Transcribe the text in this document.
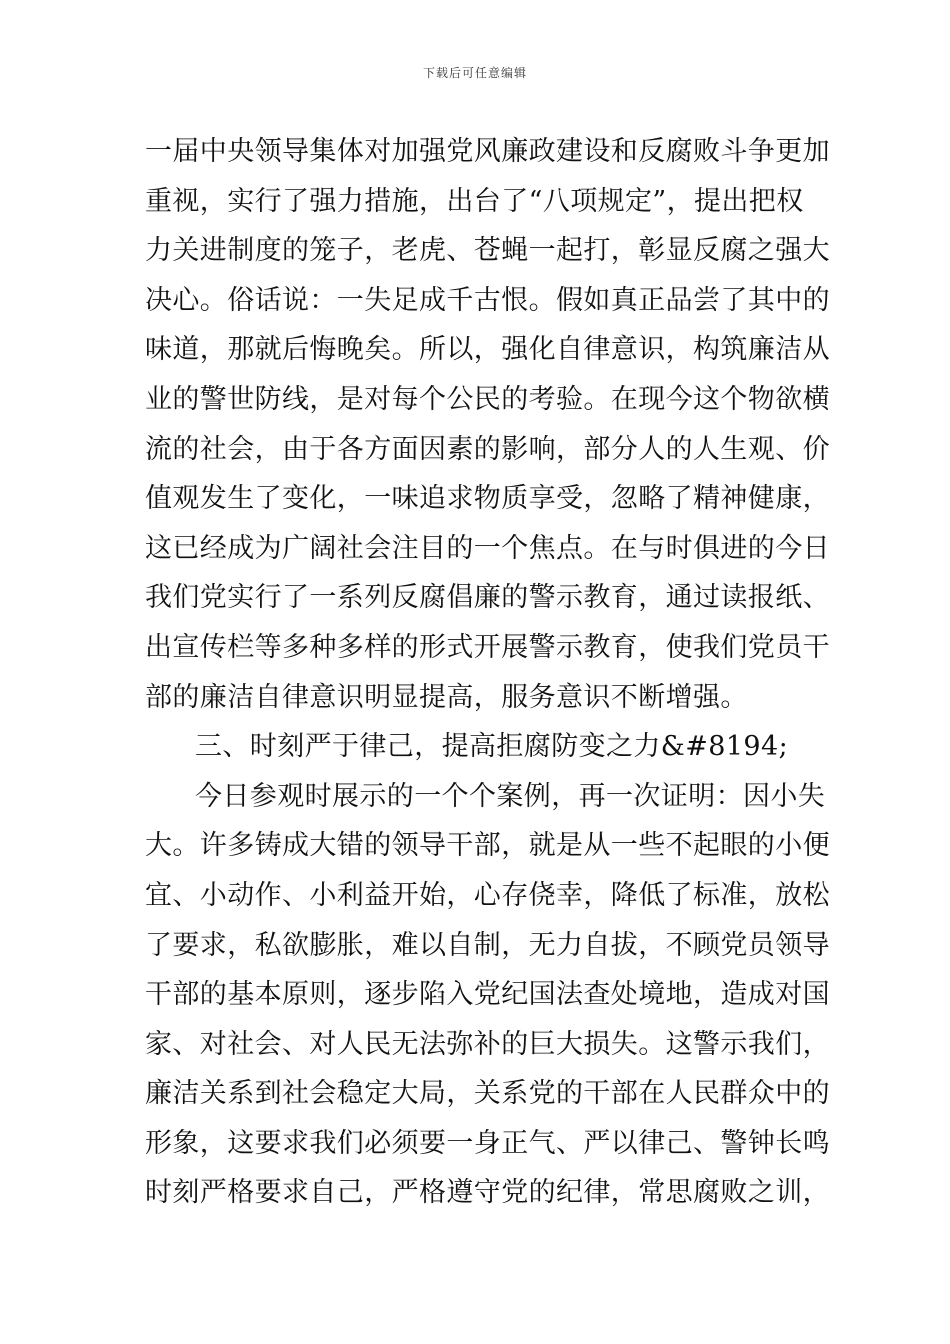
下载后可任意编辑
一届中央领导集体对加强党风廉政建设和反腐败斗争更加
重视，实行了强力措施，出台了“八项规定”，提出把权
力关进制度的笼子，老虎、苍蝇一起打，彰显反腐之强大
决心。俗话说：一失足成千古恨。假如真正品尝了其中的
味道，那就后悔晚矣。所以，强化自律意识，构筑廉洁从
业的警世防线，是对每个公民的考验。在现今这个物欲横
流的社会，由于各方面因素的影响，部分人的人生观、价
值观发生了变化，一味追求物质享受，忽略了精神健康，
这已经成为广阔社会注目的一个焦点。在与时俱进的今日
我们党实行了一系列反腐倡廉的警示教育，通过读报纸、
出宣传栏等多种多样的形式开展警示教育，使我们党员干
部的廉洁自律意识明显提高，服务意识不断增强。
三、时刻严于律己，提高拒腐防变之力&#8194;
今日参观时展示的一个个案例，再一次证明：因小失
大。许多铸成大错的领导干部，就是从一些不起眼的小便
宜、小动作、小利益开始，心存侥幸，降低了标准，放松
了要求，私欲膨胀，难以自制，无力自拔，不顾党员领导
干部的基本原则，逐步陷入党纪国法查处境地，造成对国
家、对社会、对人民无法弥补的巨大损失。这警示我们，
廉洁关系到社会稳定大局，关系党的干部在人民群众中的
形象，这要求我们必须要一身正气、严以律己、警钟长鸣
时刻严格要求自己，严格遵守党的纪律，常思腐败之训，
